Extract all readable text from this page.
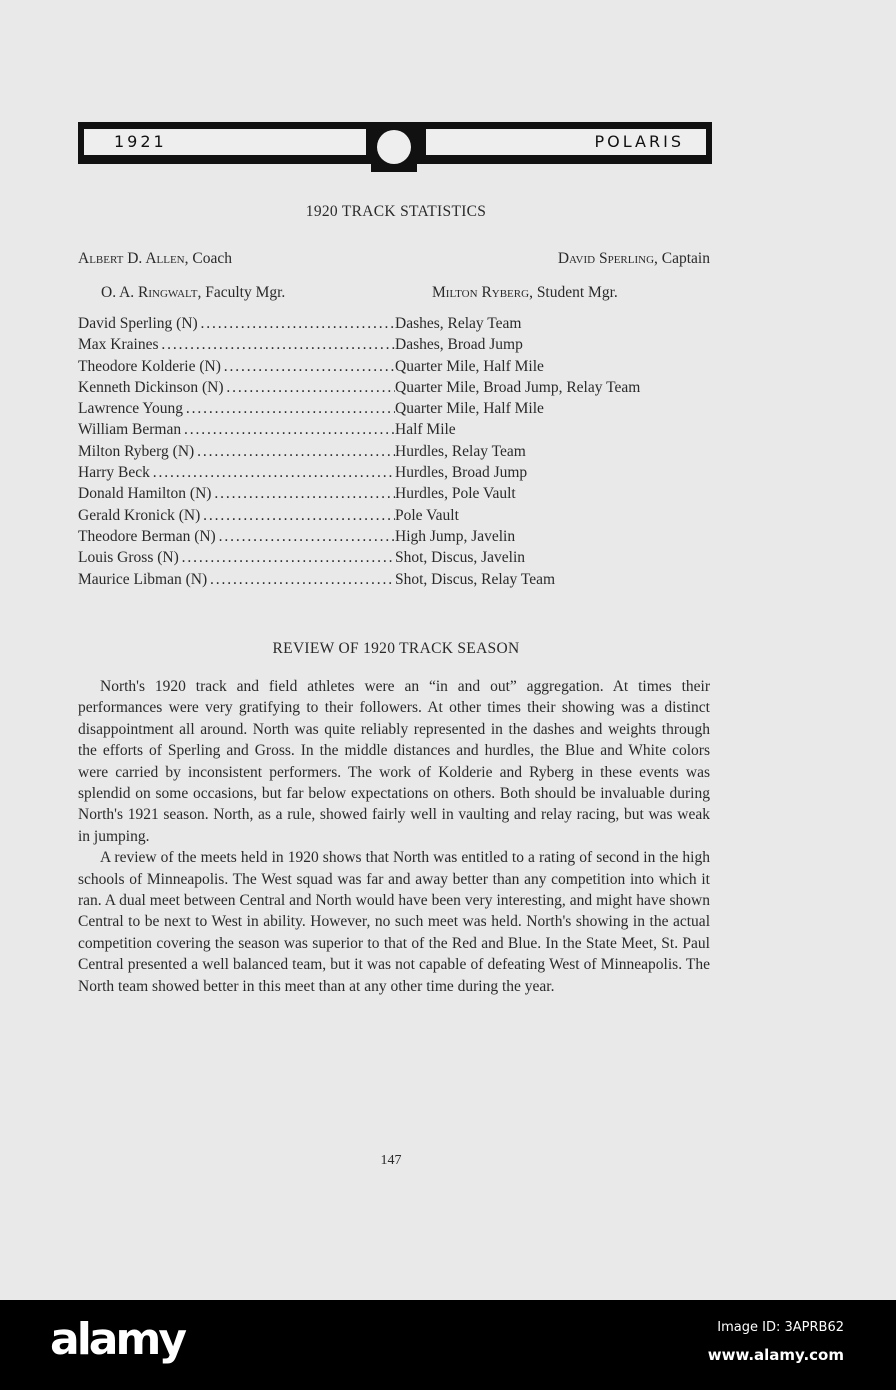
1921	POLARIS
1920 TRACK STATISTICS
Albert D. Allen, Coach	David Sperling, Captain
O. A. Ringwalt, Faculty Mgr.	Milton Ryberg, Student Mgr.
David Sperling (N) . . .	Dashes, Relay Team
Max Kraines . . .	Dashes, Broad Jump
Theodore Kolderie (N) . . .	Quarter Mile, Half Mile
Kenneth Dickinson (N) . . .	Quarter Mile, Broad Jump, Relay Team
Lawrence Young . . .	Quarter Mile, Half Mile
William Berman . . .	Half Mile
Milton Ryberg (N) . . .	Hurdles, Relay Team
Harry Beck . . .	Hurdles, Broad Jump
Donald Hamilton (N) . . .	Hurdles, Pole Vault
Gerald Kronick (N) . . .	Pole Vault
Theodore Berman (N) . . .	High Jump, Javelin
Louis Gross (N) . . .	Shot, Discus, Javelin
Maurice Libman (N) . . .	Shot, Discus, Relay Team
REVIEW OF 1920 TRACK SEASON

North's 1920 track and field athletes were an “in and out” aggregation. At times their performances were very gratifying to their followers. At other times their showing was a distinct disappointment all around. North was quite reliably represented in the dashes and weights through the efforts of Sperling and Gross. In the middle distances and hurdles, the Blue and White colors were carried by inconsistent performers. The work of Kolderie and Ryberg in these events was splendid on some occasions, but far below expectations on others. Both should be invaluable during North's 1921 season. North, as a rule, showed fairly well in vaulting and relay racing, but was weak in jumping.

A review of the meets held in 1920 shows that North was entitled to a rating of second in the high schools of Minneapolis. The West squad was far and away better than any competition into which it ran. A dual meet between Central and North would have been very interesting, and might have shown Central to be next to West in ability. However, no such meet was held. North's showing in the actual competition covering the season was superior to that of the Red and Blue. In the State Meet, St. Paul Central presented a well balanced team, but it was not capable of defeating West of Minneapolis. The North team showed better in this meet than at any other time during the year.

147
alamy	Image ID: 3APRB62
www.alamy.com
